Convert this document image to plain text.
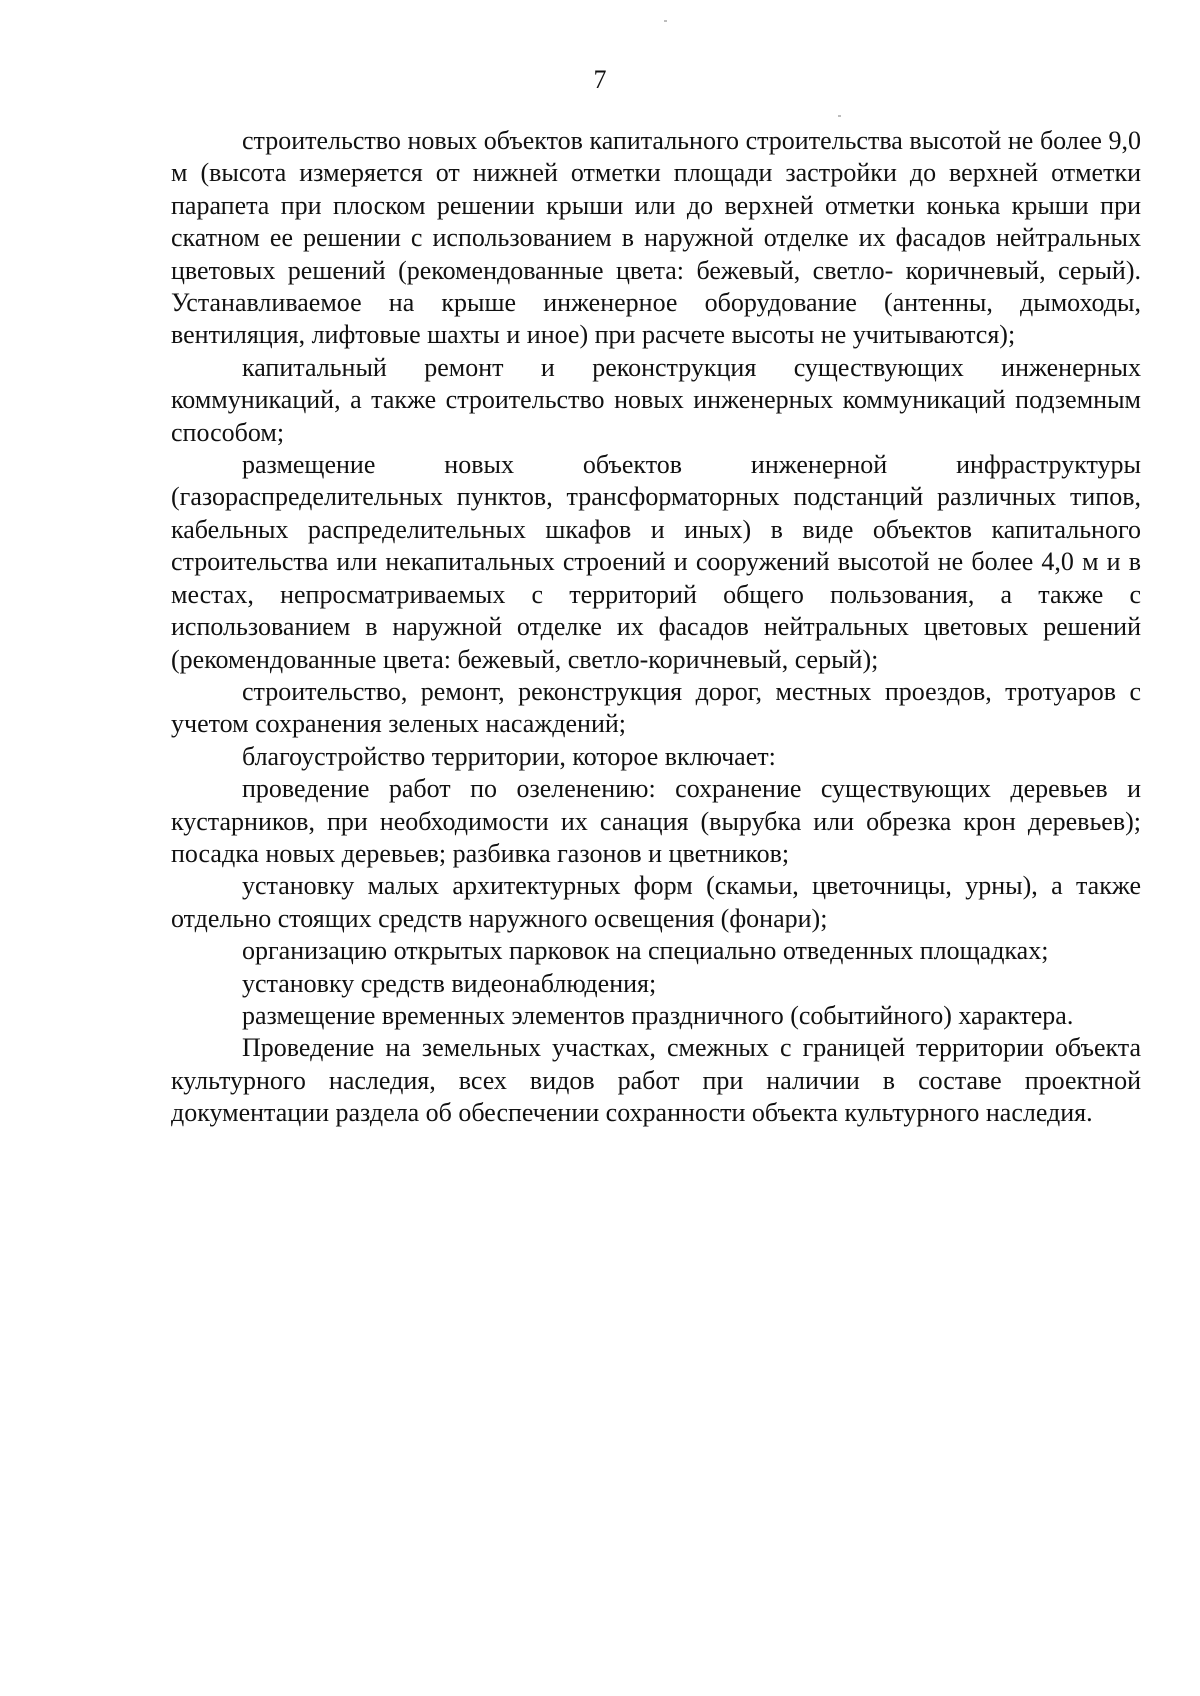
7

строительство новых объектов капитального строительства высотой не более 9,0 м (высота измеряется от нижней отметки площади застройки до верхней отметки парапета при плоском решении крыши или до верхней отметки конька крыши при скатном ее решении с использованием в наружной отделке их фасадов нейтральных цветовых решений (рекомендованные цвета: бежевый, светло- коричневый, серый). Устанавливаемое на крыше инженерное оборудование (антенны, дымоходы, вентиляция, лифтовые шахты и иное) при расчете высоты не учитываются);

капитальный ремонт и реконструкция существующих инженерных коммуникаций, а также строительство новых инженерных коммуникаций подземным способом;

размещение новых объектов инженерной инфраструктуры (газораспределительных пунктов, трансформаторных подстанций различных типов, кабельных распределительных шкафов и иных) в виде объектов капитального строительства или некапитальных строений и сооружений высотой не более 4,0 м и в местах, непросматриваемых с территорий общего пользования, а также с использованием в наружной отделке их фасадов нейтральных цветовых решений (рекомендованные цвета: бежевый, светло-коричневый, серый);

строительство, ремонт, реконструкция дорог, местных проездов, тротуаров с учетом сохранения зеленых насаждений;

благоустройство территории, которое включает:

проведение работ по озеленению: сохранение существующих деревьев и кустарников, при необходимости их санация (вырубка или обрезка крон деревьев); посадка новых деревьев; разбивка газонов и цветников;

установку малых архитектурных форм (скамьи, цветочницы, урны), а также отдельно стоящих средств наружного освещения (фонари);

организацию открытых парковок на специально отведенных площадках;

установку средств видеонаблюдения;

размещение временных элементов праздничного (событийного) характера.

Проведение на земельных участках, смежных с границей территории объекта культурного наследия, всех видов работ при наличии в составе проектной документации раздела об обеспечении сохранности объекта культурного наследия.
